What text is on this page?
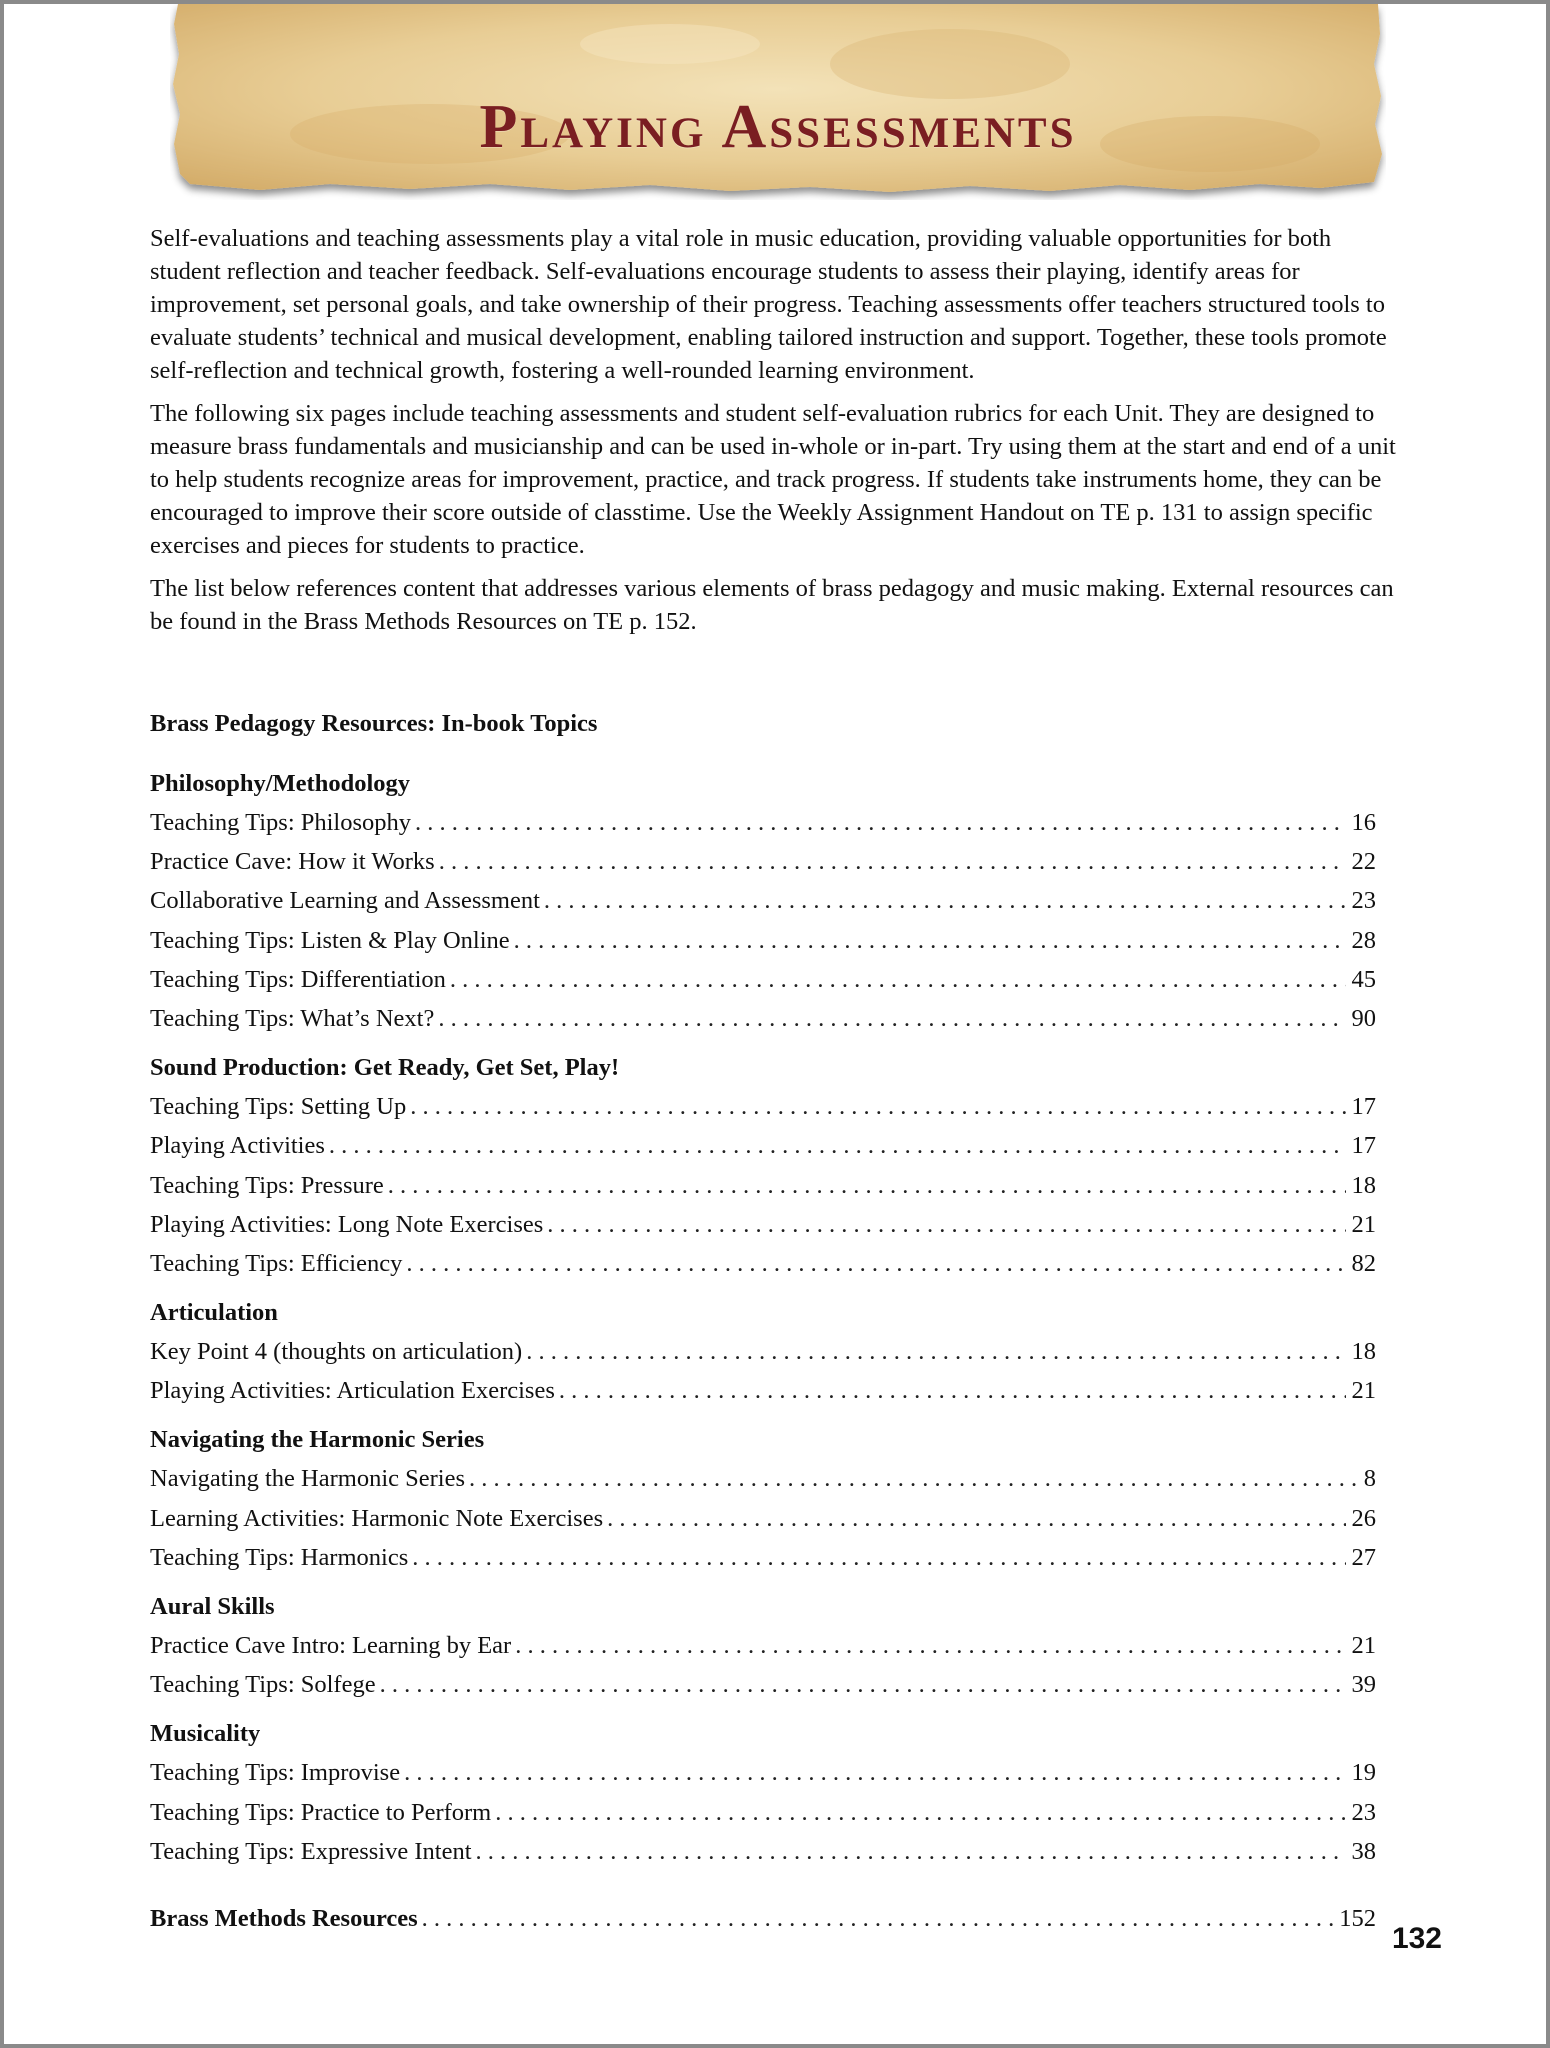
Playing Assessments

Self-evaluations and teaching assessments play a vital role in music education, providing valuable opportunities for both student reflection and teacher feedback. Self-evaluations encourage students to assess their playing, identify areas for improvement, set personal goals, and take ownership of their progress. Teaching assessments offer teachers structured tools to evaluate students’ technical and musical development, enabling tailored instruction and support. Together, these tools promote self-reflection and technical growth, fostering a well-rounded learning environment.

The following six pages include teaching assessments and student self-evaluation rubrics for each Unit. They are designed to measure brass fundamentals and musicianship and can be used in-whole or in-part. Try using them at the start and end of a unit to help students recognize areas for improvement, practice, and track progress. If students take instruments home, they can be encouraged to improve their score outside of classtime. Use the Weekly Assignment Handout on TE p. 131 to assign specific exercises and pieces for students to practice.

The list below references content that addresses various elements of brass pedagogy and music making. External resources can be found in the Brass Methods Resources on TE p. 152.

Brass Pedagogy Resources: In-book Topics
Philosophy/Methodology
Teaching Tips: Philosophy . . .	16
Practice Cave: How it Works . . .	22
Collaborative Learning and Assessment . . .	23
Teaching Tips: Listen & Play Online . . .	28
Teaching Tips: Differentiation . . .	45
Teaching Tips: What’s Next? . . .	90
Sound Production: Get Ready, Get Set, Play!
Teaching Tips: Setting Up . . .	17
Playing Activities . . .	17
Teaching Tips: Pressure . . .	18
Playing Activities: Long Note Exercises . . .	21
Teaching Tips: Efficiency . . .	82
Articulation
Key Point 4 (thoughts on articulation) . . .	18
Playing Activities: Articulation Exercises . . .	21
Navigating the Harmonic Series
Navigating the Harmonic Series . . .	8
Learning Activities: Harmonic Note Exercises . . .	26
Teaching Tips: Harmonics . . .	27
Aural Skills
Practice Cave Intro: Learning by Ear . . .	21
Teaching Tips: Solfege . . .	39
Musicality
Teaching Tips: Improvise . . .	19
Teaching Tips: Practice to Perform . . .	23
Teaching Tips: Expressive Intent . . .	38
Brass Methods Resources . . .	152
132
